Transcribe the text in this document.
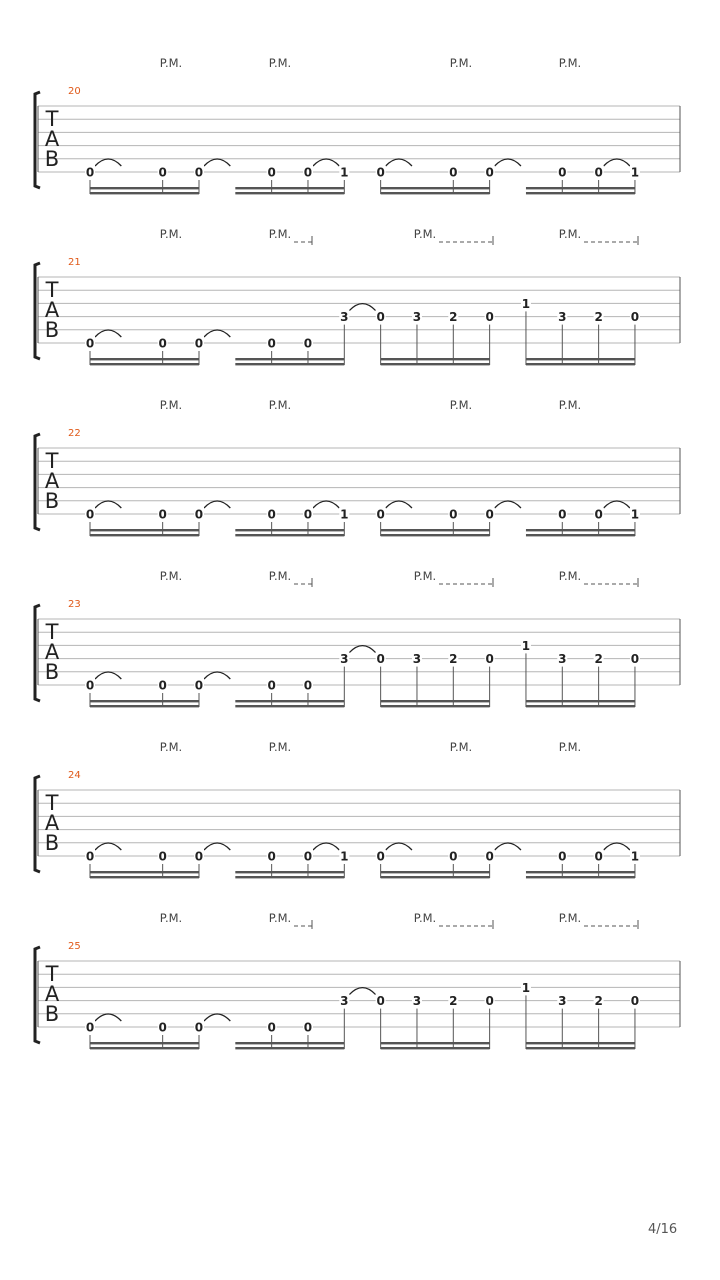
T
A
B
20
P.M.	P.M.	P.M.	P.M.
0	0 0	0 0 1 0	0 0	0 0 1
T
A
B
21
P.M.	P.M.	P.M.	P.M.
0	0 0	0 0
3 0 3 2 0
1
3 2 0
T
A
B
22
P.M.	P.M.	P.M.	P.M.
0	0 0	0 0 1 0	0 0	0 0 1
T
A
B
23
P.M.	P.M.	P.M.	P.M.
0	0 0	0 0
3 0 3 2 0
1
3 2 0
T
A
B
24
P.M.	P.M.	P.M.	P.M.
0	0 0	0 0 1 0	0 0	0 0 1
T
A
B
25
P.M.	P.M.	P.M.	P.M.
0	0 0	0 0
3 0 3 2 0
1
3 2 0
4/16
